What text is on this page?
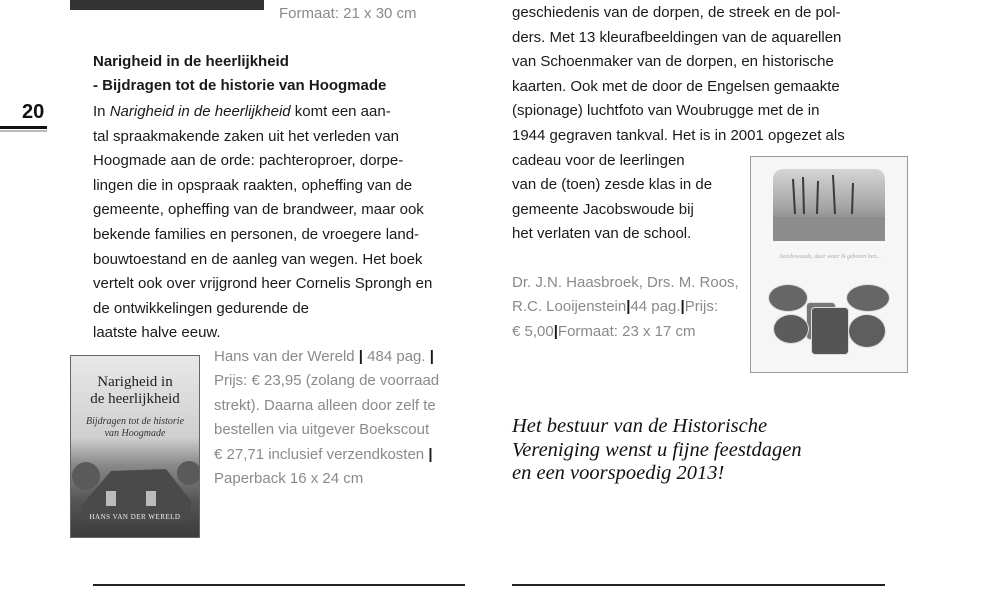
Formaat: 21 x 30 cm
20
Narigheid in de heerlijkheid
- Bijdragen tot de historie van Hoogmade
In Narigheid in de heerlijkheid komt een aan-
tal spraakmakende zaken uit het verleden van
Hoogmade aan de orde: pachteroproer, dorpe-
lingen die in opspraak raakten, opheffing van de
gemeente, opheffing van de brandweer, maar ook
bekende families en personen, de vroegere land-
bouwtoestand en de aanleg van wegen. Het boek
vertelt ook over vrijgrond heer Cornelis Sprongh en
de ontwikkelingen gedurende de
laatste halve eeuw.
Narigheid in
de heerlijkheid
Bijdragen tot de historie
van Hoogmade
HANS VAN DER WERELD
Hans van der Wereld | 484 pag. |
Prijs: € 23,95 (zolang de voorraad
strekt). Daarna alleen door zelf te
bestellen via uitgever Boekscout
€ 27,71 inclusief verzendkosten |
Paperback 16 x 24 cm
geschiedenis van de dorpen, de streek en de pol-
ders. Met 13 kleurafbeeldingen van de aquarellen
van Schoenmaker van de dorpen, en historische
kaarten. Ook met de door de Engelsen gemaakte
(spionage) luchtfoto van Woubrugge met de in
1944 gegraven tankval. Het is in 2001 opgezet als
cadeau voor de leerlingen
van de (toen) zesde klas in de
gemeente Jacobswoude bij
het verlaten van de school.
Dr. J.N. Haasbroek, Drs. M. Roos,
R.C. Looijenstein|44 pag.|Prijs:
€ 5,00|Formaat: 23 x 17 cm
Jacobswoude, daar waar ik geboren ben...
Het bestuur van de Historische
Vereniging wenst u fijne feestdagen
en een voorspoedig 2013!
